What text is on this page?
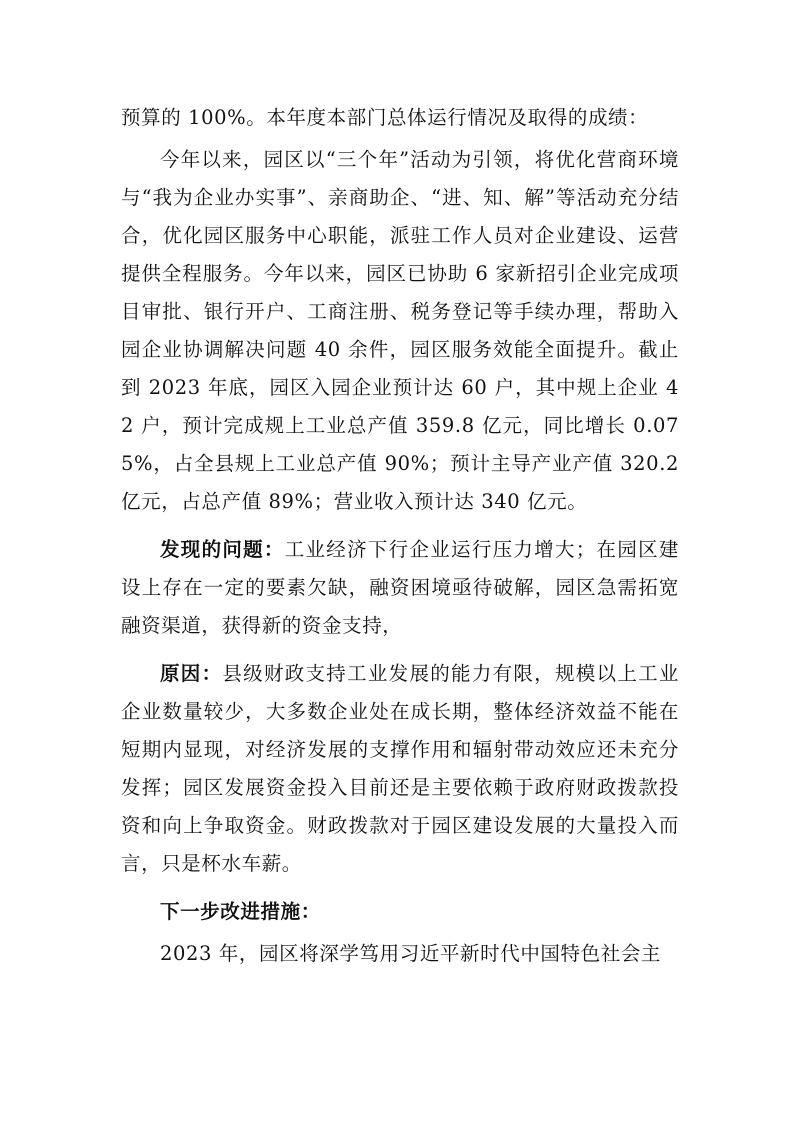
预算的 100%。本年度本部门总体运行情况及取得的成绩：

今年以来，园区以“三个年”活动为引领，将优化营商环境与“我为企业办实事”、亲商助企、“进、知、解”等活动充分结合，优化园区服务中心职能，派驻工作人员对企业建设、运营提供全程服务。今年以来，园区已协助 6 家新招引企业完成项目审批、银行开户、工商注册、税务登记等手续办理，帮助入园企业协调解决问题 40 余件，园区服务效能全面提升。截止到 2023 年底，园区入园企业预计达 60 户，其中规上企业 42 户，预计完成规上工业总产值 359.8 亿元，同比增长 0.075%，占全县规上工业总产值 90%；预计主导产业产值 320.2 亿元，占总产值 89%；营业收入预计达 340 亿元。

发现的问题：工业经济下行企业运行压力增大；在园区建设上存在一定的要素欠缺，融资困境亟待破解，园区急需拓宽融资渠道，获得新的资金支持，

原因：县级财政支持工业发展的能力有限，规模以上工业企业数量较少，大多数企业处在成长期，整体经济效益不能在短期内显现，对经济发展的支撑作用和辐射带动效应还未充分发挥；园区发展资金投入目前还是主要依赖于政府财政拨款投资和向上争取资金。财政拨款对于园区建设发展的大量投入而言，只是杯水车薪。

下一步改进措施：

2023 年，园区将深学笃用习近平新时代中国特色社会主
